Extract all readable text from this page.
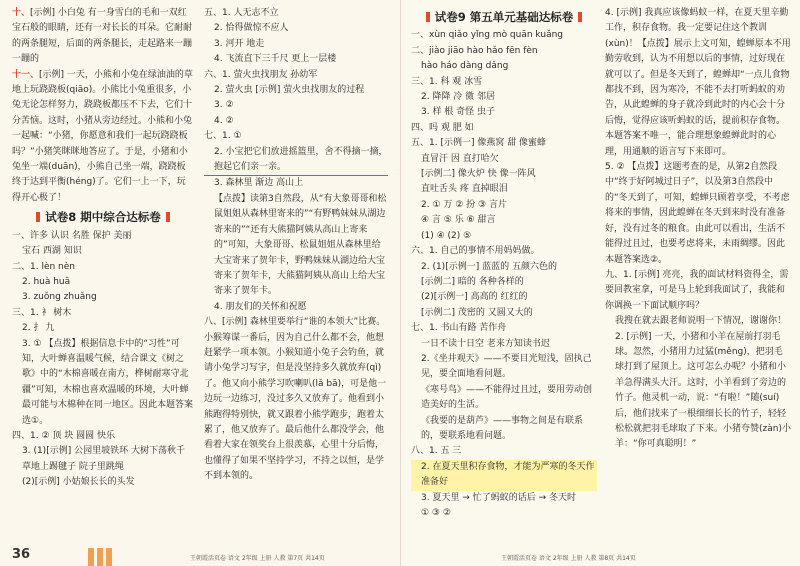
十、[示例] 小白兔 有一身雪白的毛和一双红宝石般的眼睛，还有一对长长的耳朵。它耐耐的两条腿短，后面的两条腿长，走起路来一蹦一蹦的

十一、[示例] 一天，小熊和小兔在绿油油的草地上玩跷跷板(qiāo)。小熊比小兔重很多，小兔无论怎样努力，跷跷板都压不下去，它们十分苦恼。这时，小猪从旁边经过。小熊和小兔一起喊：“小猪，你愿意和我们一起玩跷跷板吗？”小猪笑眯眯地答应了。于是，小猪和小兔坐一端(duān)，小熊自己坐一端，跷跷板终于达到平衡(héng)了。它们一上一下，玩得开心极了！

试卷8 期中综合达标卷

一、许多 认识 名胜 保护 美丽

宝石 西湖 知识

二、1. lèn nèn

2. huà huā

3. zuǒng zhuǎng

三、1. 衤 树木

2. 扌 九

3. ① 【点拨】根据信息卡中的“习性”可知，大叶蝉喜温暖气候，结合课文《树之歌》中的“木棉喜暖在南方，桦树耐寒守北疆”可知，木棉也喜欢温暖的环境，大叶蝉最可能与木棉种在同一地区。因此本题答案选①。

四、1. ② 顶 块 圆圆 快乐

3. (1)[示例] 公园里坡铁环 大树下荡秋千 草地上踢毽子 院子里跳绳

(2)[示例] 小姑娘长长的头发

五、1. 人无志不立

2. 恰得做惊不应人

3. 河开 地走

4. 飞流直下三千尺 更上一层楼

六、1. 萤火虫找朋友 孙幼军

2. 萤火虫 [示例] 萤火虫找朋友的过程

3. ②

4. ②

七、1. ①

2. 小宝把它们放进摇篮里，舍不得摘一摘，抱起它们亲一亲。

3. 森林里 渐边 高山上

【点拨】读第3自然段，从“有大象哥哥和松鼠姐姐从森林里寄来的”“有野鸭妹妹从湖边寄来的”“还有大熊猫阿姨从高山上寄来的”可知，大象哥哥、松鼠姐姐从森林里给大宝寄来了贺年卡，野鸭妹妹从湖边给大宝寄来了贺年卡，大熊猫阿姨从高山上给大宝寄来了贺年卡。

4. 朋友们的关怀和祝愿

八、[示例] 森林里要举行“谁的本领大”比赛。小猴筹谋一番后，因为自己什么都不会，他想赶紧学一项本领。小猴知道小兔子会钓鱼，就请小兔学习写字，但是没坚持多久就放弃(qì)了。他又向小熊学习吹喇叭(lǎ bā)，可是他一边玩一边练习，没过多久又放弃了。他看到小熊跑得特别快，就又跟着小熊学跑步，跑着太累了，他又放弃了。最后他什么都没学会，他看着大家在领奖台上很羡慕，心里十分后悔，也懂得了如果不坚持学习，不持之以恒，是学不到本领的。

36	王朝霞活页卷 语文 2年级 上册 人教 第7页 共14页
试卷9 第五单元基础达标卷

一、xùn qiǎo yǐng mò quān kuǎng

二、jiào jiāo hào hǎo fēn fèn

hào háo dàng dǎng

三、1. 科 观 冰雪

2. 降降 冷 微 邻居

3. 样 根 奇怪 虫子

四、吗 观 肥 如

五、1. [示例一] 像燕窝 甜 像蜜蜂

直冒汗 因 直打哈欠

[示例二] 像火炉 快 像一阵风

直吐舌头 疼 直掉眼泪

2. ① 万 ② 扮 ③ 言片

④ 言 ⑤ 乐 ⑥ 甜言

(1) ④ (2) ⑤

六、1. 自己的事情不用妈妈做。

2. (1)[示例一] 蓝蓝的 五颜六色的

[示例二] 暗的 各种各样的

(2)[示例一] 高高的 红红的

[示例二] 茂密的 又圆又大的

七、1. 书山有路 苦作舟

一日不读十日空 老来方知读书迟

2.《坐井观天》——不要目光短浅，固执己见，要全面地看问题。

《寒号鸟》——不能得过且过，要用劳动创造美好的生活。

《我要的是葫芦》——事物之间是有联系的，要联系地看问题。

八、1. 五 三

2. 在夏天里积存食物，才能为严寒的冬天作准备好

3. 夏天里 → 忙了蚂蚁的话后 → 冬天时

① ③ ②

4. [示例] 我真应该像蚂蚁一样，在夏天里辛勤工作，积存食物。我一定要记住这个教训(xùn)！【点拨】展示上文可知，蝗蝉原本不用勤劳收到，认为不用想以后的事情，过好现在就可以了。但是冬天到了，蝗蝉却“一点儿食物都找不到，因为寒冷，不能不去打听蚂蚁的劝告，从此蝗蝉的身子就冷到此时的内心会十分后悔，觉得应该听蚂蚁的话，提前积存食物。本题答案不唯一，能合理想象蝗蝉此时的心理，用通顺的语言写下来即可。

5. ② 【点拨】这题考查的是，从第2自然段中“终于好阿城过日子”，以及第3自然段中的“冬天到了，可知，蝗蝉只顾着享受，不考虑将来的事情，因此蝗蝉在冬天到来时没有准备好，没有过冬的粮食。由此可以看出，生活不能得过且过，也要考虑将来，未雨绸缪。因此本题答案选②。

九、1. [示例] 亮亮，我的面试材料资得全，需要回教室拿，可是马上轮到我面试了，我能和你调换一下面试顺序吗？

我搜在就去跟老师说明一下情况，谢谢你！

2. [示例] 一天，小猪和小羊在屋前打羽毛球。忽然，小猪用力过猛(měng)，把羽毛球打到了屋顶上。这可怎么办呢？小猪和小羊急得满头大汗。这时，小羊看到了旁边的竹子。他灵机一动，说：“有啦！”随(suí)后，他们找来了一根细细长长的竹子，轻轻松松就把羽毛球取了下来。小猪夸赞(zàn)小羊：“你可真聪明！”

王朝霞活页卷 语文 2年级 上册 人教 第8页 共14页
